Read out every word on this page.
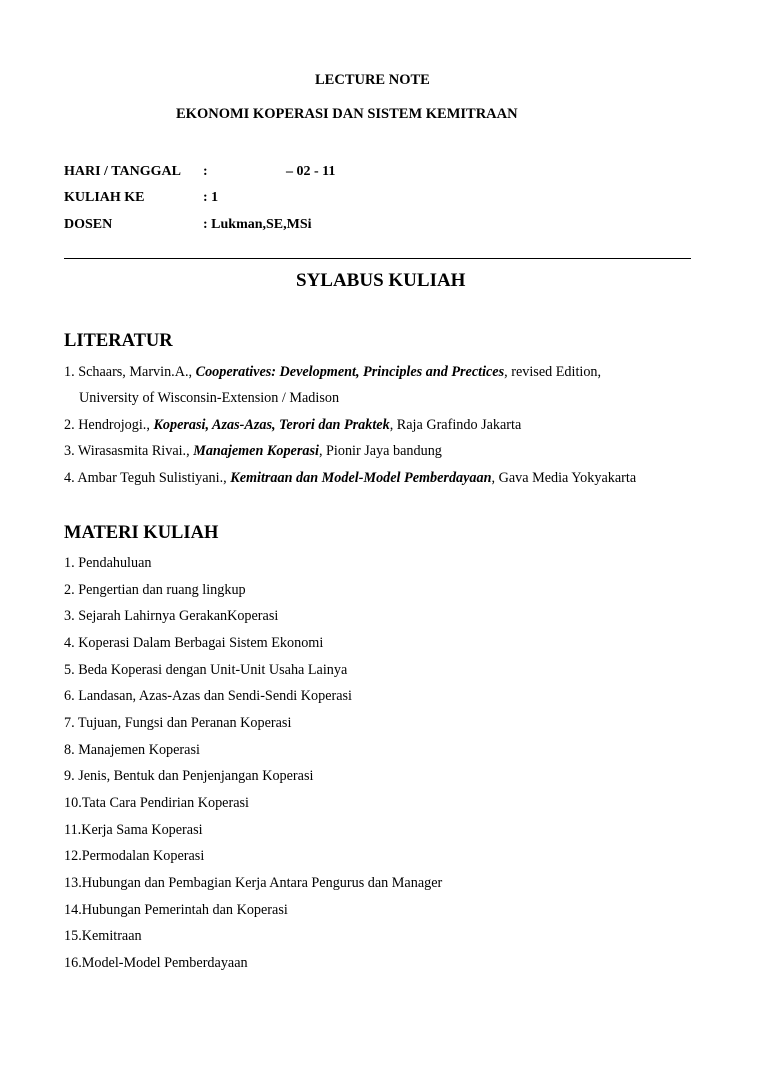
LECTURE NOTE
EKONOMI KOPERASI DAN SISTEM KEMITRAAN
HARI / TANGGAL :	– 02 - 11
KULIAH KE	: 1
DOSEN	: Lukman,SE,MSi
SYLABUS KULIAH
LITERATUR
1. Schaars, Marvin.A., Cooperatives: Development, Principles and Prectices, revised Edition,
University of Wisconsin-Extension / Madison
2. Hendrojogi., Koperasi, Azas-Azas, Terori dan Praktek, Raja Grafindo Jakarta
3. Wirasasmita Rivai., Manajemen Koperasi, Pionir Jaya bandung
4. Ambar Teguh Sulistiyani., Kemitraan dan Model-Model Pemberdayaan, Gava Media Yokyakarta
MATERI KULIAH
1. Pendahuluan
2. Pengertian dan ruang lingkup
3. Sejarah Lahirnya GerakanKoperasi
4. Koperasi Dalam Berbagai Sistem Ekonomi
5. Beda Koperasi dengan Unit-Unit Usaha Lainya
6. Landasan, Azas-Azas dan Sendi-Sendi Koperasi
7. Tujuan, Fungsi dan Peranan Koperasi
8. Manajemen Koperasi
9. Jenis, Bentuk dan Penjenjangan Koperasi
10.Tata Cara Pendirian Koperasi
11.Kerja Sama Koperasi
12.Permodalan Koperasi
13.Hubungan dan Pembagian Kerja Antara Pengurus dan Manager
14.Hubungan Pemerintah dan Koperasi
15.Kemitraan
16.Model-Model Pemberdayaan
